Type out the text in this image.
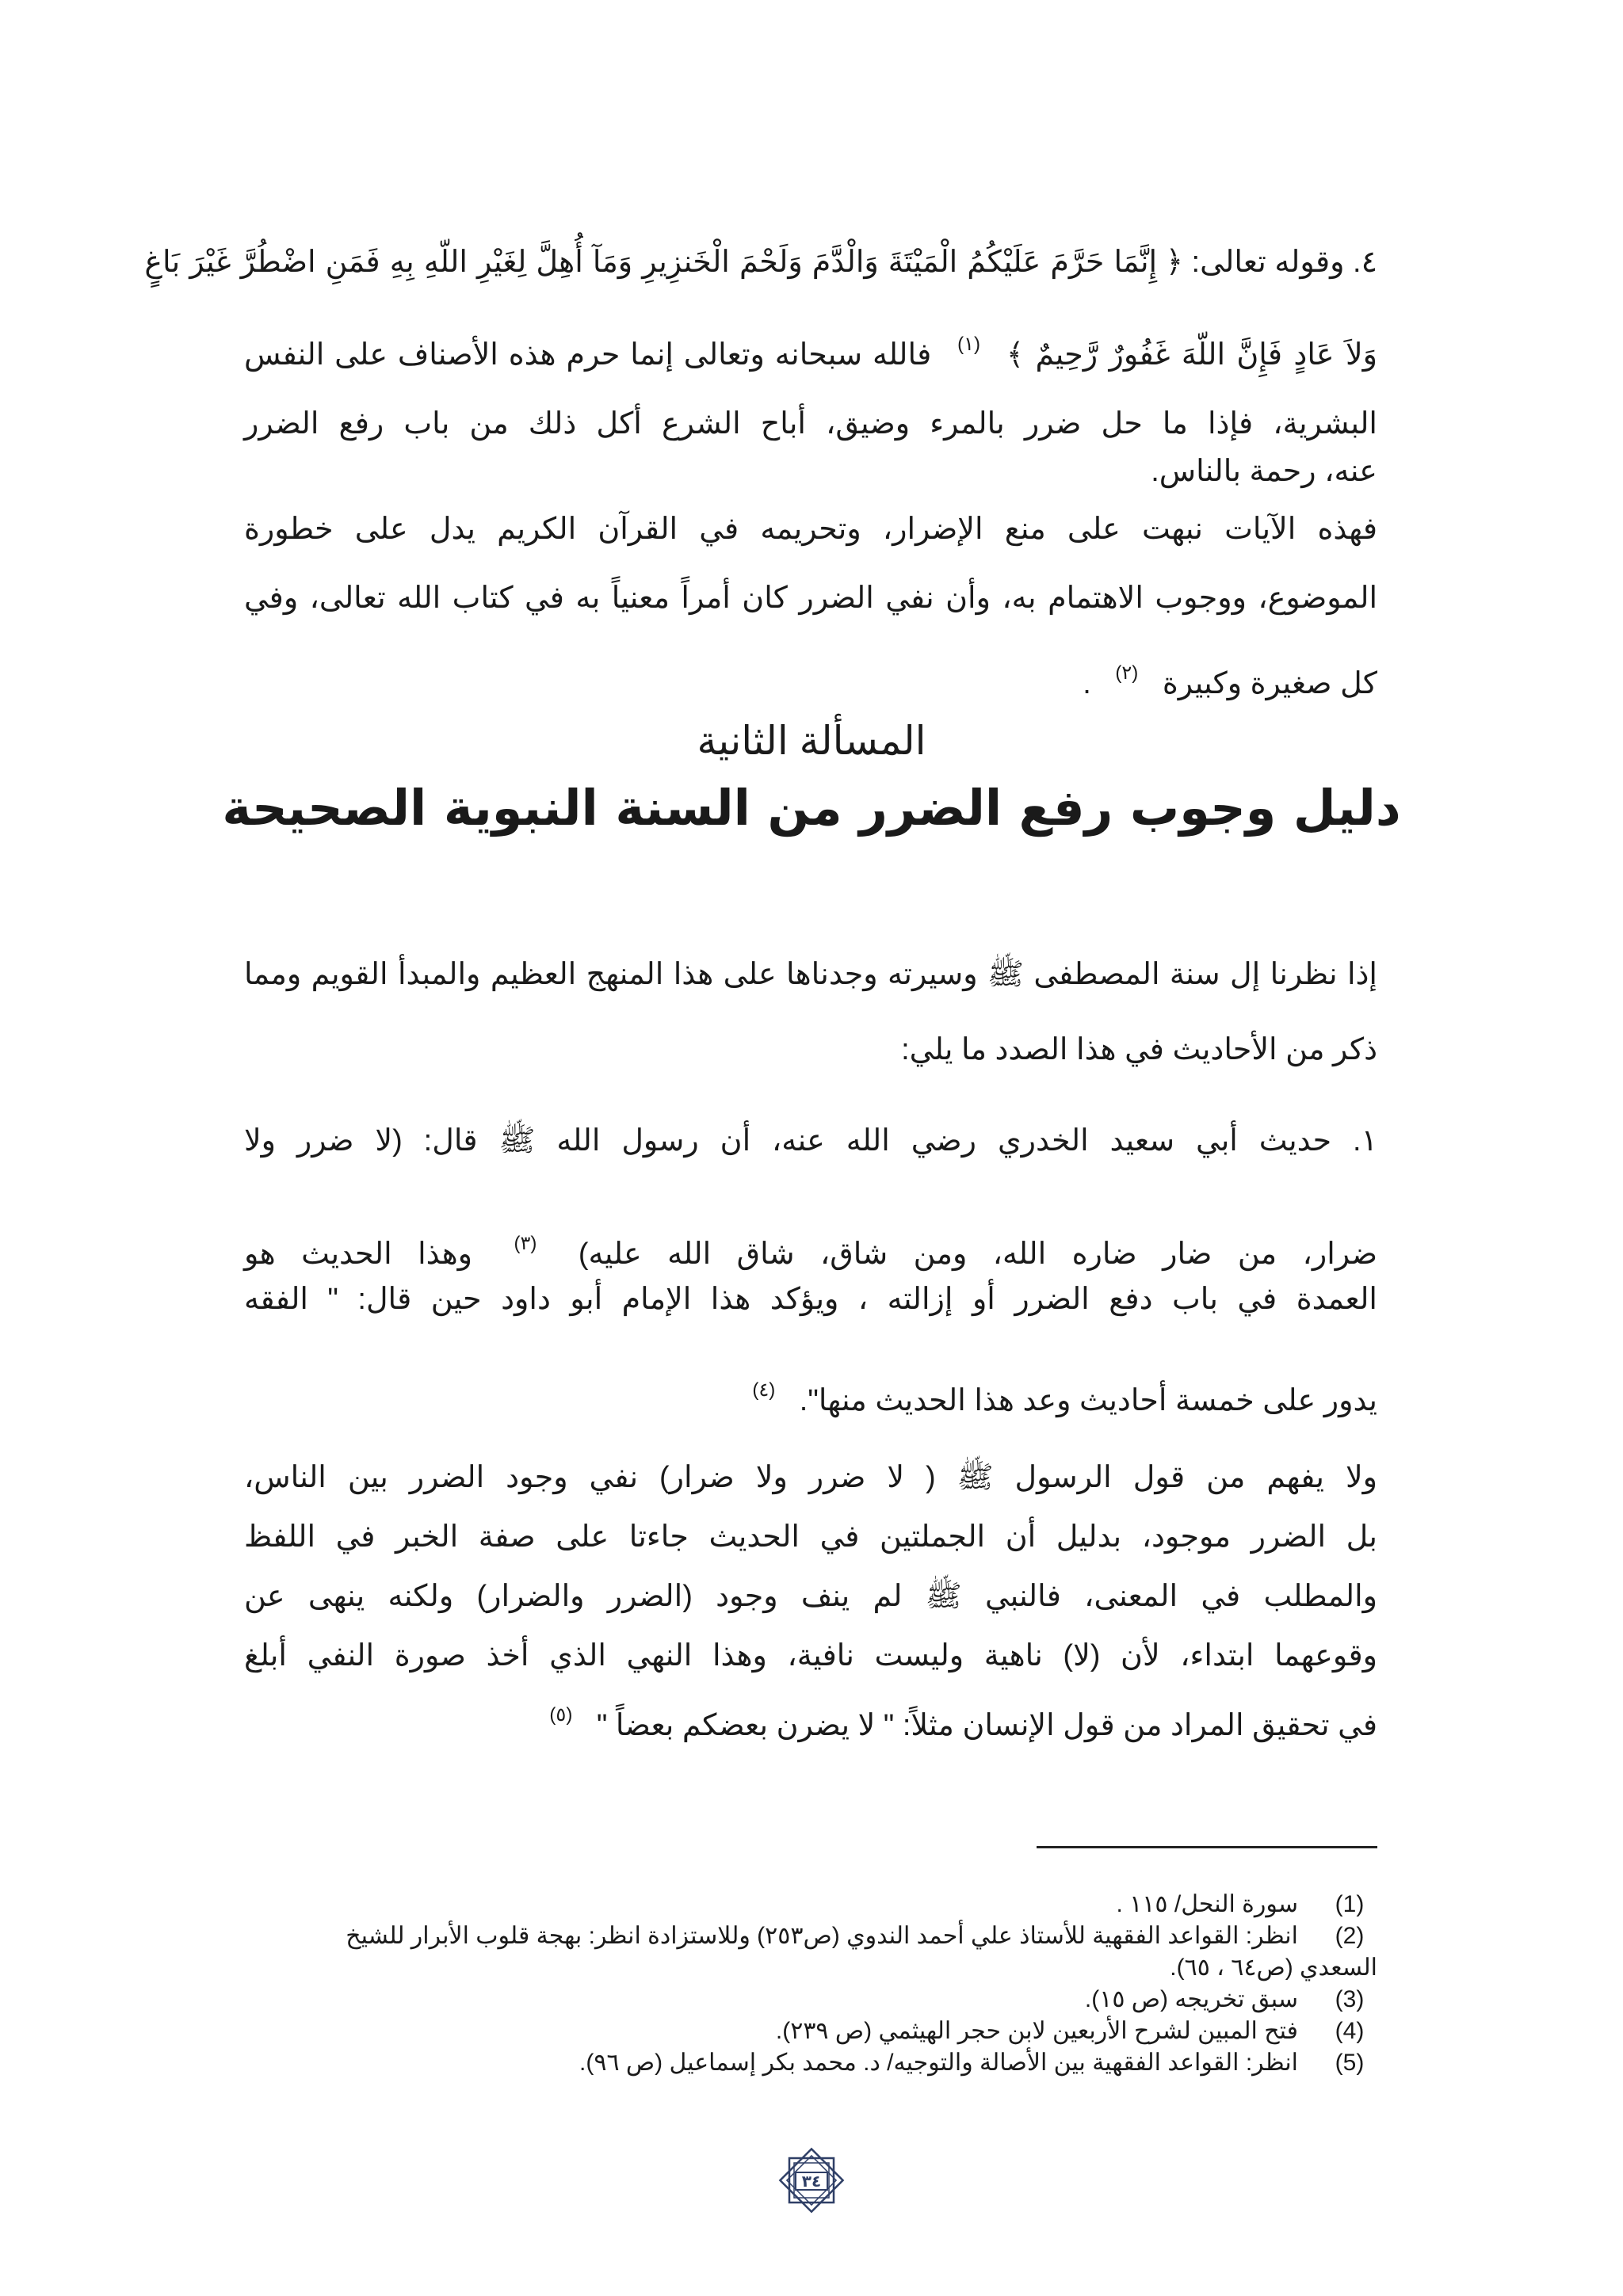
٤. وقوله تعالى: ﴿ إِنَّمَا حَرَّمَ عَلَيْكُمُ الْمَيْتَةَ وَالْدَّمَ وَلَحْمَ الْخَنزِيرِ وَمَآ أُهِلَّ لِغَيْرِ اللّهِ بِهِ فَمَنِ اضْطُرَّ غَيْرَ بَاغٍ
وَلاَ عَادٍ فَإِنَّ اللّهَ غَفُورٌ رَّحِيمٌ ﴾ $^{(١)}$ فالله سبحانه وتعالى إنما حرم هذه الأصناف على النفس
البشرية، فإذا ما حل ضرر بالمرء وضيق، أباح الشرع أكل ذلك من باب رفع الضرر
عنه، رحمة بالناس.
فهذه الآيات نبهت على منع الإضرار، وتحريمه في القرآن الكريم يدل على خطورة
الموضوع، ووجوب الاهتمام به، وأن نفي الضرر كان أمراً معنياً به في كتاب الله تعالى، وفي
كل صغيرة وكبيرة $^{(٢)}$ .
المسألة الثانية
دليل وجوب رفع الضرر من السنة النبوية الصحيحة
إذا نظرنا إل سنة المصطفى ﷺ وسيرته وجدناها على هذا المنهج العظيم والمبدأ القويم ومما
ذكر من الأحاديث في هذا الصدد ما يلي:
١. حديث أبي سعيد الخدري رضي الله عنه، أن رسول الله ﷺ قال: (لا ضرر ولا
ضرار، من ضار ضاره الله، ومن شاق، شاق الله عليه) $^{(٣)}$ وهذا الحديث هو
العمدة في باب دفع الضرر أو إزالته ، ويؤكد هذا الإمام أبو داود حين قال: " الفقه
يدور على خمسة أحاديث وعد هذا الحديث منها". $^{(٤)}$
ولا يفهم من قول الرسول ﷺ ( لا ضرر ولا ضرار) نفي وجود الضرر بين الناس،
بل الضرر موجود، بدليل أن الجملتين في الحديث جاءتا على صفة الخبر في اللفظ
والمطلب في المعنى، فالنبي ﷺ لم ينف وجود (الضرر والضرار) ولكنه ينهى عن
وقوعهما ابتداء، لأن (لا) ناهية وليست نافية، وهذا النهي الذي أخذ صورة النفي أبلغ
في تحقيق المراد من قول الإنسان مثلاً: " لا يضرن بعضكم بعضاً " $^{(٥)}$
(1)سورة النحل/ ١١٥ .
(2)انظر: القواعد الفقهية للأستاذ علي أحمد الندوي (ص٢٥٣) وللاستزادة انظر: بهجة قلوب الأبرار للشيخ
السعدي (ص٦٤ ، ٦٥).
(3)سبق تخريجه (ص ١٥).
(4)فتح المبين لشرح الأربعين لابن حجر الهيثمي (ص ٢٣٩).
(5)انظر: القواعد الفقهية بين الأصالة والتوجيه/ د. محمد بكر إسماعيل (ص ٩٦).
٣٤
